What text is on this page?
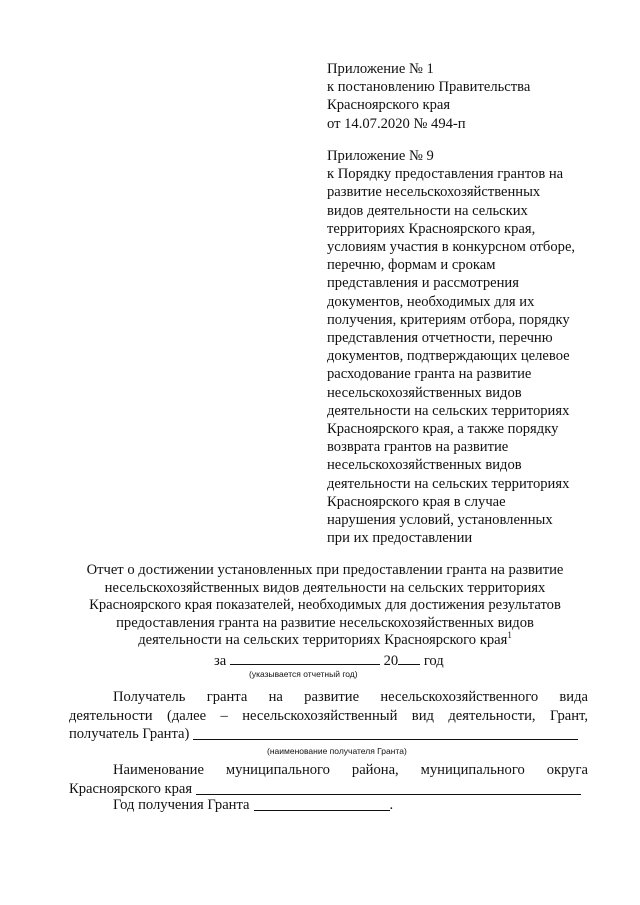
Приложение № 1
к постановлению Правительства
Красноярского края
от 14.07.2020 № 494-п
Приложение № 9
к Порядку предоставления грантов на
развитие несельскохозяйственных
видов деятельности на сельских
территориях Красноярского края,
условиям участия в конкурсном отборе,
перечню, формам и срокам
представления и рассмотрения
документов, необходимых для их
получения, критериям отбора, порядку
представления отчетности, перечню
документов, подтверждающих целевое
расходование гранта на развитие
несельскохозяйственных видов
деятельности на сельских территориях
Красноярского края, а также порядку
возврата грантов на развитие
несельскохозяйственных видов
деятельности на сельских территориях
Красноярского края в случае
нарушения условий, установленных
при их предоставлении
Отчет о достижении установленных при предоставлении гранта на развитие
несельскохозяйственных видов деятельности на сельских территориях
Красноярского края показателей, необходимых для достижения результатов
предоставления гранта на развитие несельскохозяйственных видов
деятельности на сельских территориях Красноярского края$^1$
за	20 год
(указывается отчетный год)
Получатель гранта на развитие несельскохозяйственного вида
деятельности (далее – несельскохозяйственный вид деятельности, Грант,
получатель Гранта)
(наименование получателя Гранта)
Наименование муниципального района, муниципального округа
Красноярского края
Год получения Гранта	.
